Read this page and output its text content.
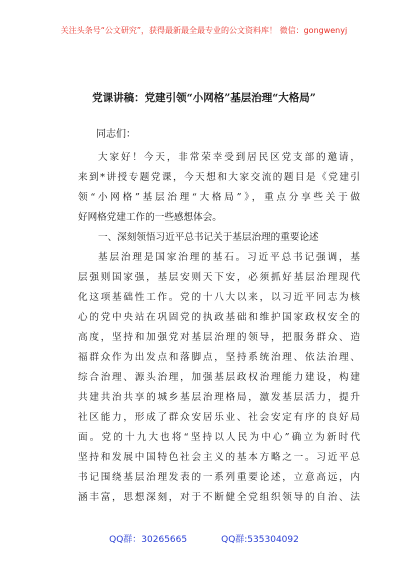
关注头条号“公文研究”，获得最新最全最专业的公文资料库！ 微信：gongwenyj
党课讲稿：党建引领“小网格”基层治理“大格局”
同志们：
大家好！今天，非常荣幸受到居民区党支部的邀请，
来到*讲授专题党课，今天想和大家交流的题目是《党建引
领“小网格”基层治理“大格局”》，重点分享些关于做
好网格党建工作的一些感想体会。
一、深刻领悟习近平总书记关于基层治理的重要论述
基层治理是国家治理的基石。习近平总书记强调，基
层强则国家强，基层安则天下安，必须抓好基层治理现代
化这项基础性工作。党的十八大以来，以习近平同志为核
心的党中央站在巩固党的执政基础和维护国家政权安全的
高度，坚持和加强党对基层治理的领导，把服务群众、造
福群众作为出发点和落脚点，坚持系统治理、依法治理、
综合治理、源头治理，加强基层政权治理能力建设，构建
共建共治共享的城乡基层治理格局，激发基层活力，提升
社区能力，形成了群众安居乐业、社会安定有序的良好局
面。党的十九大也将“坚持以人民为中心”确立为新时代
坚持和发展中国特色社会主义的基本方略之一。习近平总
书记围绕基层治理发表的一系列重要论述，立意高远，内
涵丰富，思想深刻，对于不断健全党组织领导的自治、法
QQ群：30265665	QQ群:535304092
